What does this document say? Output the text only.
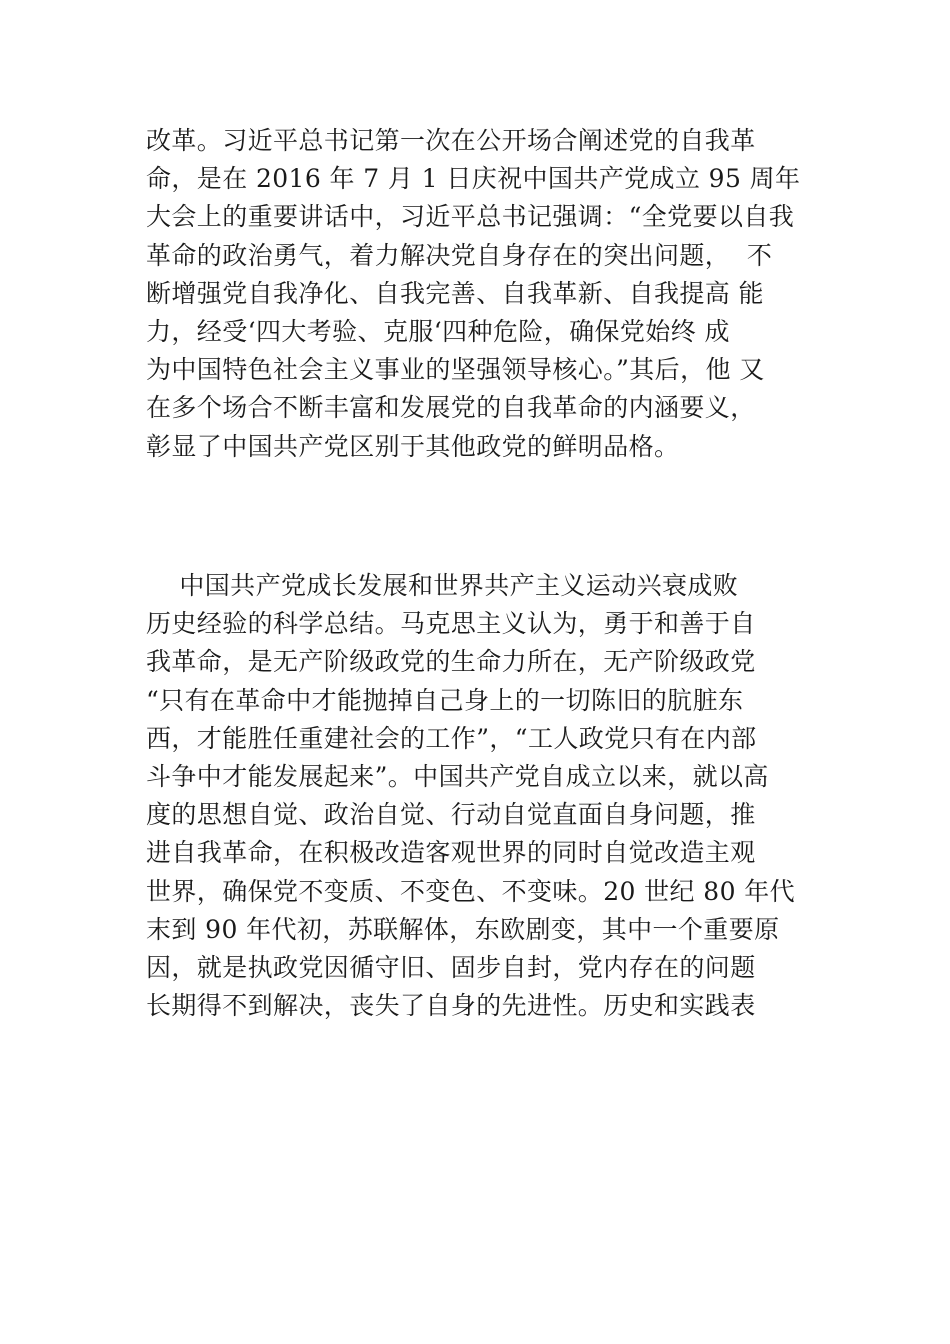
改革。习近平总书记第一次在公开场合阐述党的自我革
命，是在 2016 年 7 月 1 日庆祝中国共产党成立 95 周年
大会上的重要讲话中，习近平总书记强调：“全党要以自我
革命的政治勇气，着力解决党自身存在的突出问题，  不
断增强党自我净化、自我完善、自我革新、自我提高 能
力，经受‘四大考验、克服‘四种危险，确保党始终 成
为中国特色社会主义事业的坚强领导核心。”其后，他 又
在多个场合不断丰富和发展党的自我革命的内涵要义，
彰显了中国共产党区别于其他政党的鲜明品格。
中国共产党成长发展和世界共产主义运动兴衰成败
历史经验的科学总结。马克思主义认为，勇于和善于自
我革命，是无产阶级政党的生命力所在，无产阶级政党
“只有在革命中才能抛掉自己身上的一切陈旧的肮脏东
西，才能胜任重建社会的工作”，“工人政党只有在内部
斗争中才能发展起来”。中国共产党自成立以来，就以高
度的思想自觉、政治自觉、行动自觉直面自身问题，推
进自我革命，在积极改造客观世界的同时自觉改造主观
世界，确保党不变质、不变色、不变味。20 世纪 80 年代
末到 90 年代初，苏联解体，东欧剧变，其中一个重要原
因，就是执政党因循守旧、固步自封，党内存在的问题
长期得不到解决，丧失了自身的先进性。历史和实践表
